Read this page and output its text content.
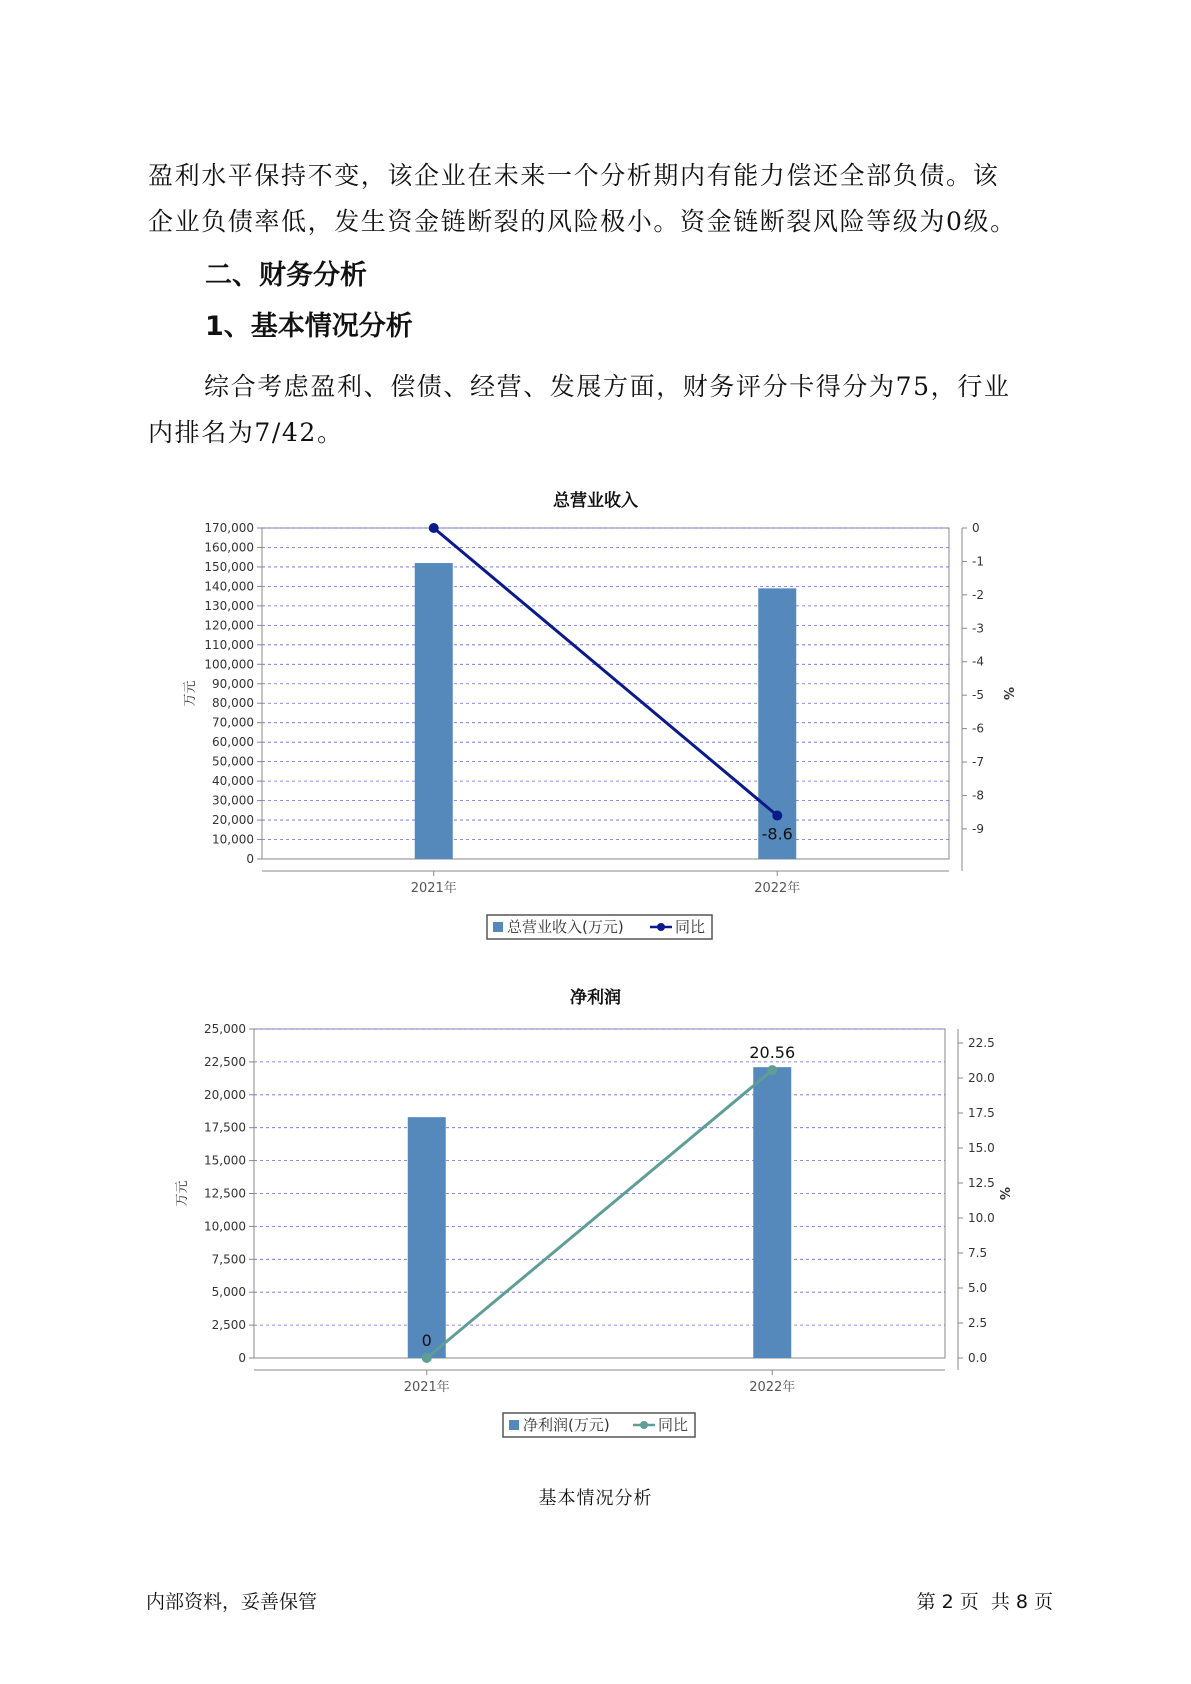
盈利水平保持不变，该企业在未来一个分析期内有能力偿还全部负债。该

企业负债率低，发生资金链断裂的风险极小。资金链断裂风险等级为0级。

二、财务分析
1、基本情况分析

综合考虑盈利、偿债、经营、发展方面，财务评分卡得分为75，行业

内排名为7/42。

总营业收入
0
10,000
20,000
30,000
40,000
50,000
60,000
70,000
80,000
90,000
100,000
110,000
120,000
130,000
140,000
150,000
160,000
170,000
万元
0
-1
-2
-3
-4
-5
-6
-7
-8
-9
%
2021年	2022年
-8.6
总营业收入(万元)	同比
0
2,500
5,000
7,500
10,000
12,500
15,000
17,500
20,000
22,500
25,000
万元
0.0
2.5
5.0
7.5
10.0
12.5
15.0
17.5
20.0
22.5
%
2021年	2022年
0
20.56
净利润(万元)	同比
净利润
基本情况分析
内部资料，妥善保管	第 2 页  共 8 页
